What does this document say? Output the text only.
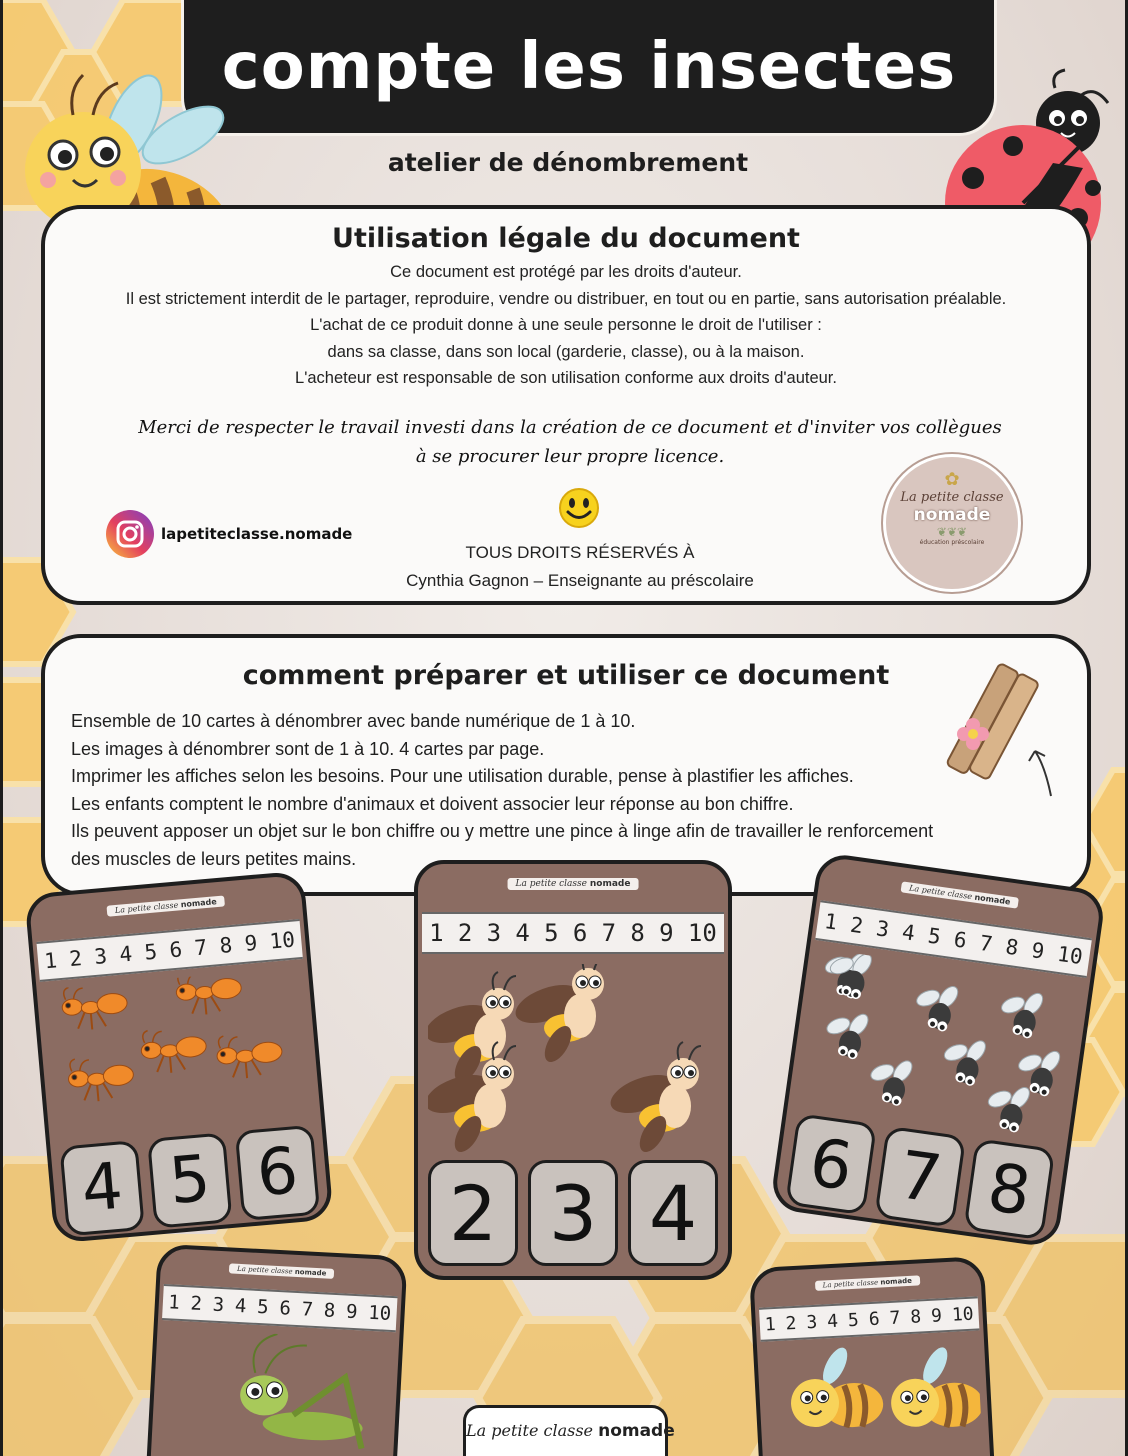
compte les insectes
atelier de dénombrement
Utilisation légale du document
Ce document est protégé par les droits d'auteur.
Il est strictement interdit de le partager, reproduire, vendre ou distribuer, en tout ou en partie, sans autorisation préalable.
L'achat de ce produit donne à une seule personne le droit de l'utiliser :
dans sa classe, dans son local (garderie, classe), ou à la maison.
L'acheteur est responsable de son utilisation conforme aux droits d'auteur.
Merci de respecter le travail investi dans la création de ce document et d'inviter vos collègues
à se procurer leur propre licence.
lapetiteclasse.nomade
TOUS DROITS RÉSERVÉS À
Cynthia Gagnon – Enseignante au préscolaire
✿
La petite classe
nomade
❦❦❦
éducation préscolaire
comment préparer et utiliser ce document
Ensemble de 10 cartes à dénombrer avec bande numérique de 1 à 10.
Les images à dénombrer sont de 1 à 10. 4 cartes par page.
Imprimer les affiches selon les besoins. Pour une utilisation durable, pense à plastifier les affiches.
Les enfants comptent le nombre d'animaux et doivent associer leur réponse au bon chiffre.
Ils peuvent apposer un objet sur le bon chiffre ou y mettre une pince à linge afin de travailler le renforcement
des muscles de leurs petites mains.
La petite classe nomade
1 2 3 4 5 6 7 8 9 10
4 5 6
La petite classe nomade
1 2 3 4 5 6 7 8 9 10
2 3 4
La petite classe nomade
1 2 3 4 5 6 7 8 9 10
6 7 8
La petite classe nomade
1 2 3 4 5 6 7 8 9 10
La petite classe nomade
1 2 3 4 5 6 7 8 9 10
La petite classe nomade
